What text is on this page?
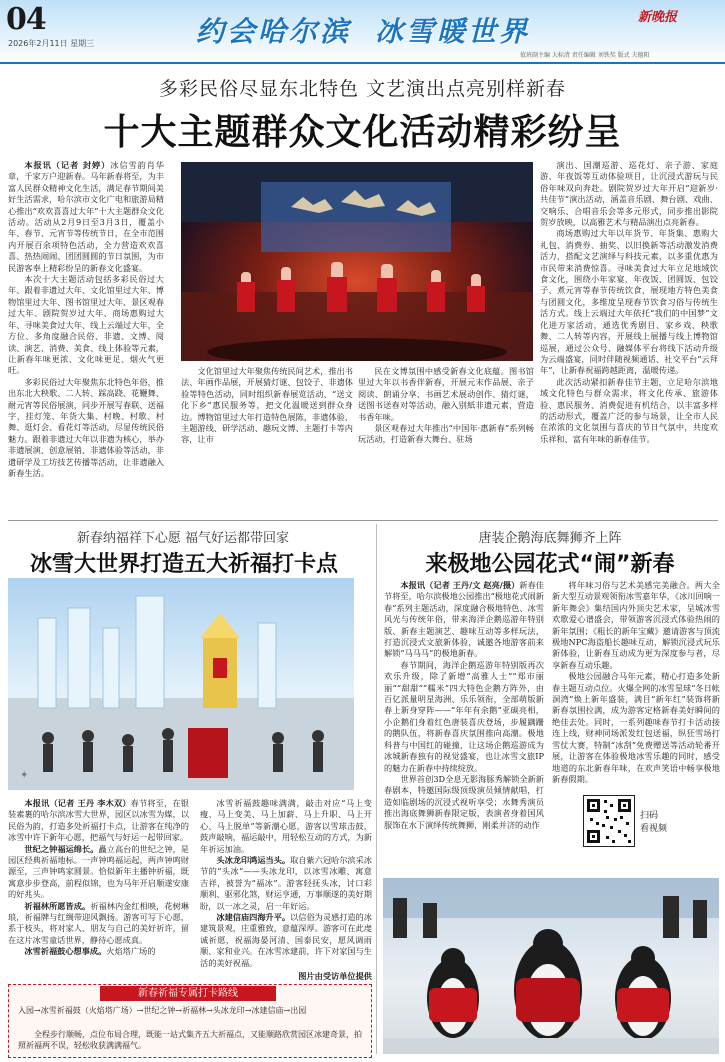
04
2026年2月11日 星期三	约会哈尔滨 冰雪暖世界	新晚报
值班副主编 大标清 责任编辑 刘铁奖 版式 夫德阳
多彩民俗尽显东北特色 文艺演出点亮别样新春
十大主题群众文化活动精彩纷呈

本报讯（记者 封婷）冰信雪韵肖华章，千家万户迎新春。马年新春将至，为丰富人民群众精神文化生活，满足春节期间美好生活需求，哈尔滨市文化广电和旅游局精心推出“欢欢喜喜过大年”十大主题群众文化活动。活动从2月9日至3月3日，覆盖小年、春节、元宵节等传统节日，在全市范围内开展百余项特色活动，全力营造欢欢喜喜、热热闹闹、团团圆圆的节日氛围，为市民游客奉上精彩纷呈的新春文化盛宴。

本次十大主题活动包括多彩民俗过大年、跟着非遗过大年、文化馆里过大年、博物馆里过大年、图书馆里过大年、景区观春过大年、剧院贺岁过大年、商场惠购过大年、寻味美食过大年、线上云端过大年，全方位、多角度融合民俗、非遗、文博、阅读、演艺、消费、美食、线上体验等元素，让新春年味更浓、文化味更足、烟火气更旺。

多彩民俗过大年聚焦东北特色年俗，推出东北大秧歌、二人转、踩高跷、花鞭舞、耐元宵等民俗展演，同步开展写春联、送福字、挂灯笼、年货大集、村晚、村歌、村舞、逛灯会、看花灯等活动，尽显传统民俗魅力。跟着非遗过大年以非遗为核心，举办非遗展演、创意展销、非遗体验等活动，非遗研学及工坊技艺传播等活动，让非遗融入新春生活。

文化馆里过大年聚焦传统民间艺术，推出书法、年画作品展，开展猜灯谜、包饺子、非遗体验等特色活动，同时组织新春展览活动、“送文化下乡”惠民服务等，把文化温暖送到群众身边。博物馆里过大年打造特色展陈，非遗体验、主题游线、研学活动、趣玩文博、主题打卡等内容，让市

民在文博氛围中感受新春文化底蕴。图书馆里过大年以书香伴新春，开展元末作品展、亲子阅读、朗诵分享、书画艺术展动创作、猜灯谜，送图书送春对等活动，融入别紙非遗元素，营造书香年味。

景区观春过大年推出“中国年·惠新春”系列畅玩活动，打造新春大舞台、驻场

演出、国潮巡游、巡花灯、亲子游、家庭游、年夜饭等互动体验项目，让沉浸式游玩与民俗年味双向奔赴。剧院贺岁过大年开启“迎新岁·共佳节”演出活动，涵盖音乐剧、舞台剧、戏曲、交响乐、合唱音乐会等多元形式，同步推出影院贺岁放映，以高雅艺术与精品演出点亮新春。

商场惠购过大年以年货节、年货集、惠购大礼包、消费券、抽奖、以旧换新等活动激发消费活力，搭配文艺演绎与科技元素，以多重优惠为市民带来消费惊喜。寻味美食过大年立足地域饮食文化，围绕小年家宴、年夜饭、团圆饭、包饺子、煮元宵等春节传统饮食，展现地方特色美食与团圆文化，多维度呈现春节饮食习俗与传统生活方式。线上云端过大年依托“我们的中国梦”文化进万家活动，通选优秀剧目、家乡戏、秧歌舞、二人转等内容，开展线上展播与线上博物馆巡展，通过公众号、融媒体平台将线下活动升级为云端盛宴，同时伴随视频通话、社交平台“云拜年”，让新春祝福跨越距离，温暖传递。

此次活动紧扣新春佳节主题，立足哈尔滨地域文化特色与群众需求，将文化传承、旅游体验、惠民服务、消费促进有机结合，以丰富多样的活动形式，覆盖广泛的参与场景，让全市人民在浓浓的文化氛围与喜庆的节日气氛中，共度欢乐祥和、富有年味的新春佳节。

新春纳福祥下心愿 福气好运都带回家
冰雪大世界打造五大祈福打卡点
✦

本报讯（记者 王丹 李木双）春节将至，在银装素裹的哈尔滨冰雪大世界，园区以冰雪为媒，以民俗为韵，打造多处祈福打卡点，让游客在纯净的冰雪中许下新年心愿，把福气与好运一起带回家。

世纪之钟福运绵长。矗立高台的世纪之钟，是园区经典祈福地标。一声钟鸣福运起，两声钟鸣财源至，三声钟鸣家圆景。恰似新年主播钟祈福，既寓意步步登高，前程似锦，也为马年开启顺遂安康的好兆头。

祈福林所愿皆成。祈福林内金红相映，花树琳琅，祈福牌与红绸带迎风飘扬。游客可写下心愿，系于枝头，将对家人、朋友与自己的美好祈许，留在这片冰雪童话世界，静待心愿成真。

冰雪祈福鼓心想事成。火焰塔广场的

冰雪祈福鼓趣味满满，敲击对应“马上变瘦、马上变美、马上加薪、马上升职、马上开心、马上脱单”等新潮心愿，游客以雪球击鼓，鼓声敲响，福运敲中，用轻松互动的方式，为新年祈运加油。

头冰龙印鸿运当头。取自紫六冠哈尔滨采冰节的“头冰”——头冰龙印，以冰雪冰雕、寓意吉祥，被誉为“福冰”。游客轻抚头冰，讨口彩顺利、驱邪化煞，财运亨通，万事顺遂的美好期盼，以一冰之灵，启一年好运。

冰建信庙四海升平。以信俗为灵感打造的冰建筑景观，庄重雅致，意蕴深厚。游客可在此虔诚祈愿，祝福海晏河清、国泰民安，愿风调雨顺、家和业兴。在冰雪冰建前，许下对家国与生活的美好祝福。

图片由受访单位提供
新春祈福专属打卡路线
入园→冰雪祈福鼓（火焰塔广场）→世纪之钟→祈福林→头冰龙印→冰建信庙→出园
全程步行顺畅，点位布局合理，既能一站式集齐五大祈福点，又能顺路欣赏园区冰建奇景，拍照祈福两不误，轻松收获满满福气。
唐装企鹅海底舞狮齐上阵
来极地公园花式“闹”新春

本报讯（记者 王丹/文 赵亮/摄）新春佳节将至，哈尔滨极地公园推出“极地花式闹新春”系列主题活动，深度融合极地特色、冰雪风光与传统年俗，带来海洋企鹅巡游年特别版、新春主题演艺、趣味互动等多样玩法，打造沉浸式文旅新体验，诚邀各地游客前来解锁“马马马”的极地新春。

春节期间，海洋企鹅巡游年特别版再次欢乐升级，除了新增“高雅人士”“郑市丽丽”“甜甜”“糯米”四大特色企鹅方阵外，由百亿派量明星海洲、乐乐领衔，全部萌版新春上新身穿阵——“年年有余鹅”亚碳亮相，小企鹅们身着红色唐装喜庆登场，步履蹒跚的鹅队伍，将新春喜庆氛围推向高潮。极地科普与中国红的碰撞，让这场企鹅巡游成为冰城新春独有的视觉盛宴，也让冰雪文旅IP的魅力在新春中持续绽放。

世界首创3D全息无影海豚秀解锁全新新春剧本，特邀国际级顶级演员倾情献唱，打造如临剧场的沉浸式视听享受；水舞秀演员推出海底舞狮新春限定版，表演者身着国风服饰在水下演绎传统舞狮，刚柔并济的动作

将年味习俗与艺术美感完美融合。两大全新大型互动景观领衔冰雪嘉年华，《冰川回响一新年舞会》集结国内外顶尖艺术家，呈城冰雪欢歌爱心谱盛会，带领游客沉浸式体验热闹的新年氛围；《粗长的新年宝藏》邀请游客与顶流极地NPC海盗船长趣味互动，解锁沉浸式玩乐新体验，让新春互动成为更为深度参与者，尽享新春互动乐趣。

极地公园融合马年元素，精心打造多处新春主题互动点位。火爆全网的冰雪星球“冬日帐洞湾”焕上新年盛装，满目“新年红”装饰将新新春氛围拉满，成为游客定格新春美好瞬间的绝佳去处。同时，一系列趣味春节打卡活动接连上线，财神同场派发红包送福，纵狂雪场打雪仗大赛，特制“冰刮”免费赠送等活动轮番开展，让游客在体验极地冰雪乐趣的同时，感受地道的东北新春年味，在欢声笑语中畅享极地新春假期。

扫码
看视频
